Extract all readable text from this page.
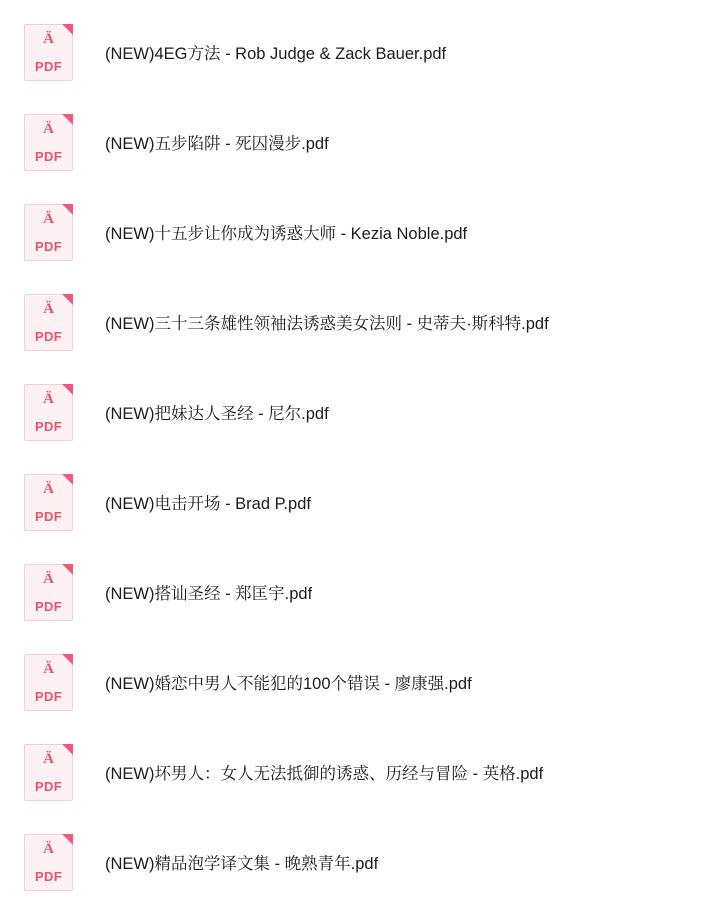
Ä
PDF
(NEW)4EG方法 - Rob Judge & Zack Bauer.pdf
Ä
PDF
(NEW)五步陷阱 - 死囚漫步.pdf
Ä
PDF
(NEW)十五步让你成为诱惑大师 - Kezia Noble.pdf
Ä
PDF
(NEW)三十三条雄性领袖法诱惑美女法则 - 史蒂夫·斯科特.pdf
Ä
PDF
(NEW)把妹达人圣经 - 尼尔.pdf
Ä
PDF
(NEW)电击开场 - Brad P.pdf
Ä
PDF
(NEW)搭讪圣经 - 郑匡宇.pdf
Ä
PDF
(NEW)婚恋中男人不能犯的100个错误 - 廖康强.pdf
Ä
PDF
(NEW)坏男人：女人无法抵御的诱惑、历经与冒险 - 英格.pdf
Ä
PDF
(NEW)精品泡学译文集 - 晚熟青年.pdf
